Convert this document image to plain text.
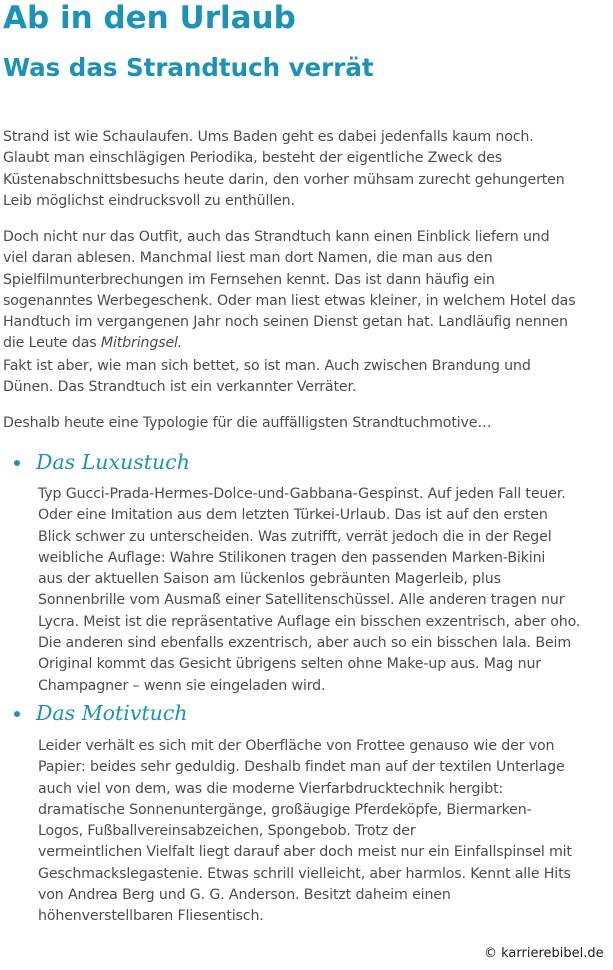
Ab in den Urlaub
Was das Strandtuch verrät

Strand ist wie Schaulaufen. Ums Baden geht es dabei jedenfalls kaum noch.
Glaubt man einschlägigen Periodika, besteht der eigentliche Zweck des
Küstenabschnittsbesuchs heute darin, den vorher mühsam zurecht gehungerten
Leib möglichst eindrucksvoll zu enthüllen.

Doch nicht nur das Outfit, auch das Strandtuch kann einen Einblick liefern und
viel daran ablesen. Manchmal liest man dort Namen, die man aus den
Spielfilmunterbrechungen im Fernsehen kennt. Das ist dann häufig ein
sogenanntes Werbegeschenk. Oder man liest etwas kleiner, in welchem Hotel das
Handtuch im vergangenen Jahr noch seinen Dienst getan hat. Landläufig nennen
die Leute das Mitbringsel.

Fakt ist aber, wie man sich bettet, so ist man. Auch zwischen Brandung und
Dünen. Das Strandtuch ist ein verkannter Verräter.

Deshalb heute eine Typologie für die auffälligsten Strandtuchmotive…

Das Luxustuch

Typ Gucci-Prada-Hermes-Dolce-und-Gabbana-Gespinst. Auf jeden Fall teuer.
Oder eine Imitation aus dem letzten Türkei-Urlaub. Das ist auf den ersten
Blick schwer zu unterscheiden. Was zutrifft, verrät jedoch die in der Regel
weibliche Auflage: Wahre Stilikonen tragen den passenden Marken-Bikini
aus der aktuellen Saison am lückenlos gebräunten Magerleib, plus
Sonnenbrille vom Ausmaß einer Satellitenschüssel. Alle anderen tragen nur
Lycra. Meist ist die repräsentative Auflage ein bisschen exzentrisch, aber oho.
Die anderen sind ebenfalls exzentrisch, aber auch so ein bisschen lala. Beim
Original kommt das Gesicht übrigens selten ohne Make-up aus. Mag nur
Champagner – wenn sie eingeladen wird.

Das Motivtuch

Leider verhält es sich mit der Oberfläche von Frottee genauso wie der von
Papier: beides sehr geduldig. Deshalb findet man auf der textilen Unterlage
auch viel von dem, was die moderne Vierfarbdrucktechnik hergibt:
dramatische Sonnenuntergänge, großäugige Pferdeköpfe, Biermarken-
Logos, Fußballvereinsabzeichen, Spongebob. Trotz der
vermeintlichen Vielfalt liegt darauf aber doch meist nur ein Einfallspinsel mit
Geschmackslegastenie. Etwas schrill vielleicht, aber harmlos. Kennt alle Hits
von Andrea Berg und G. G. Anderson. Besitzt daheim einen
höhenverstellbaren Fliesentisch.

© karrierebibel.de
